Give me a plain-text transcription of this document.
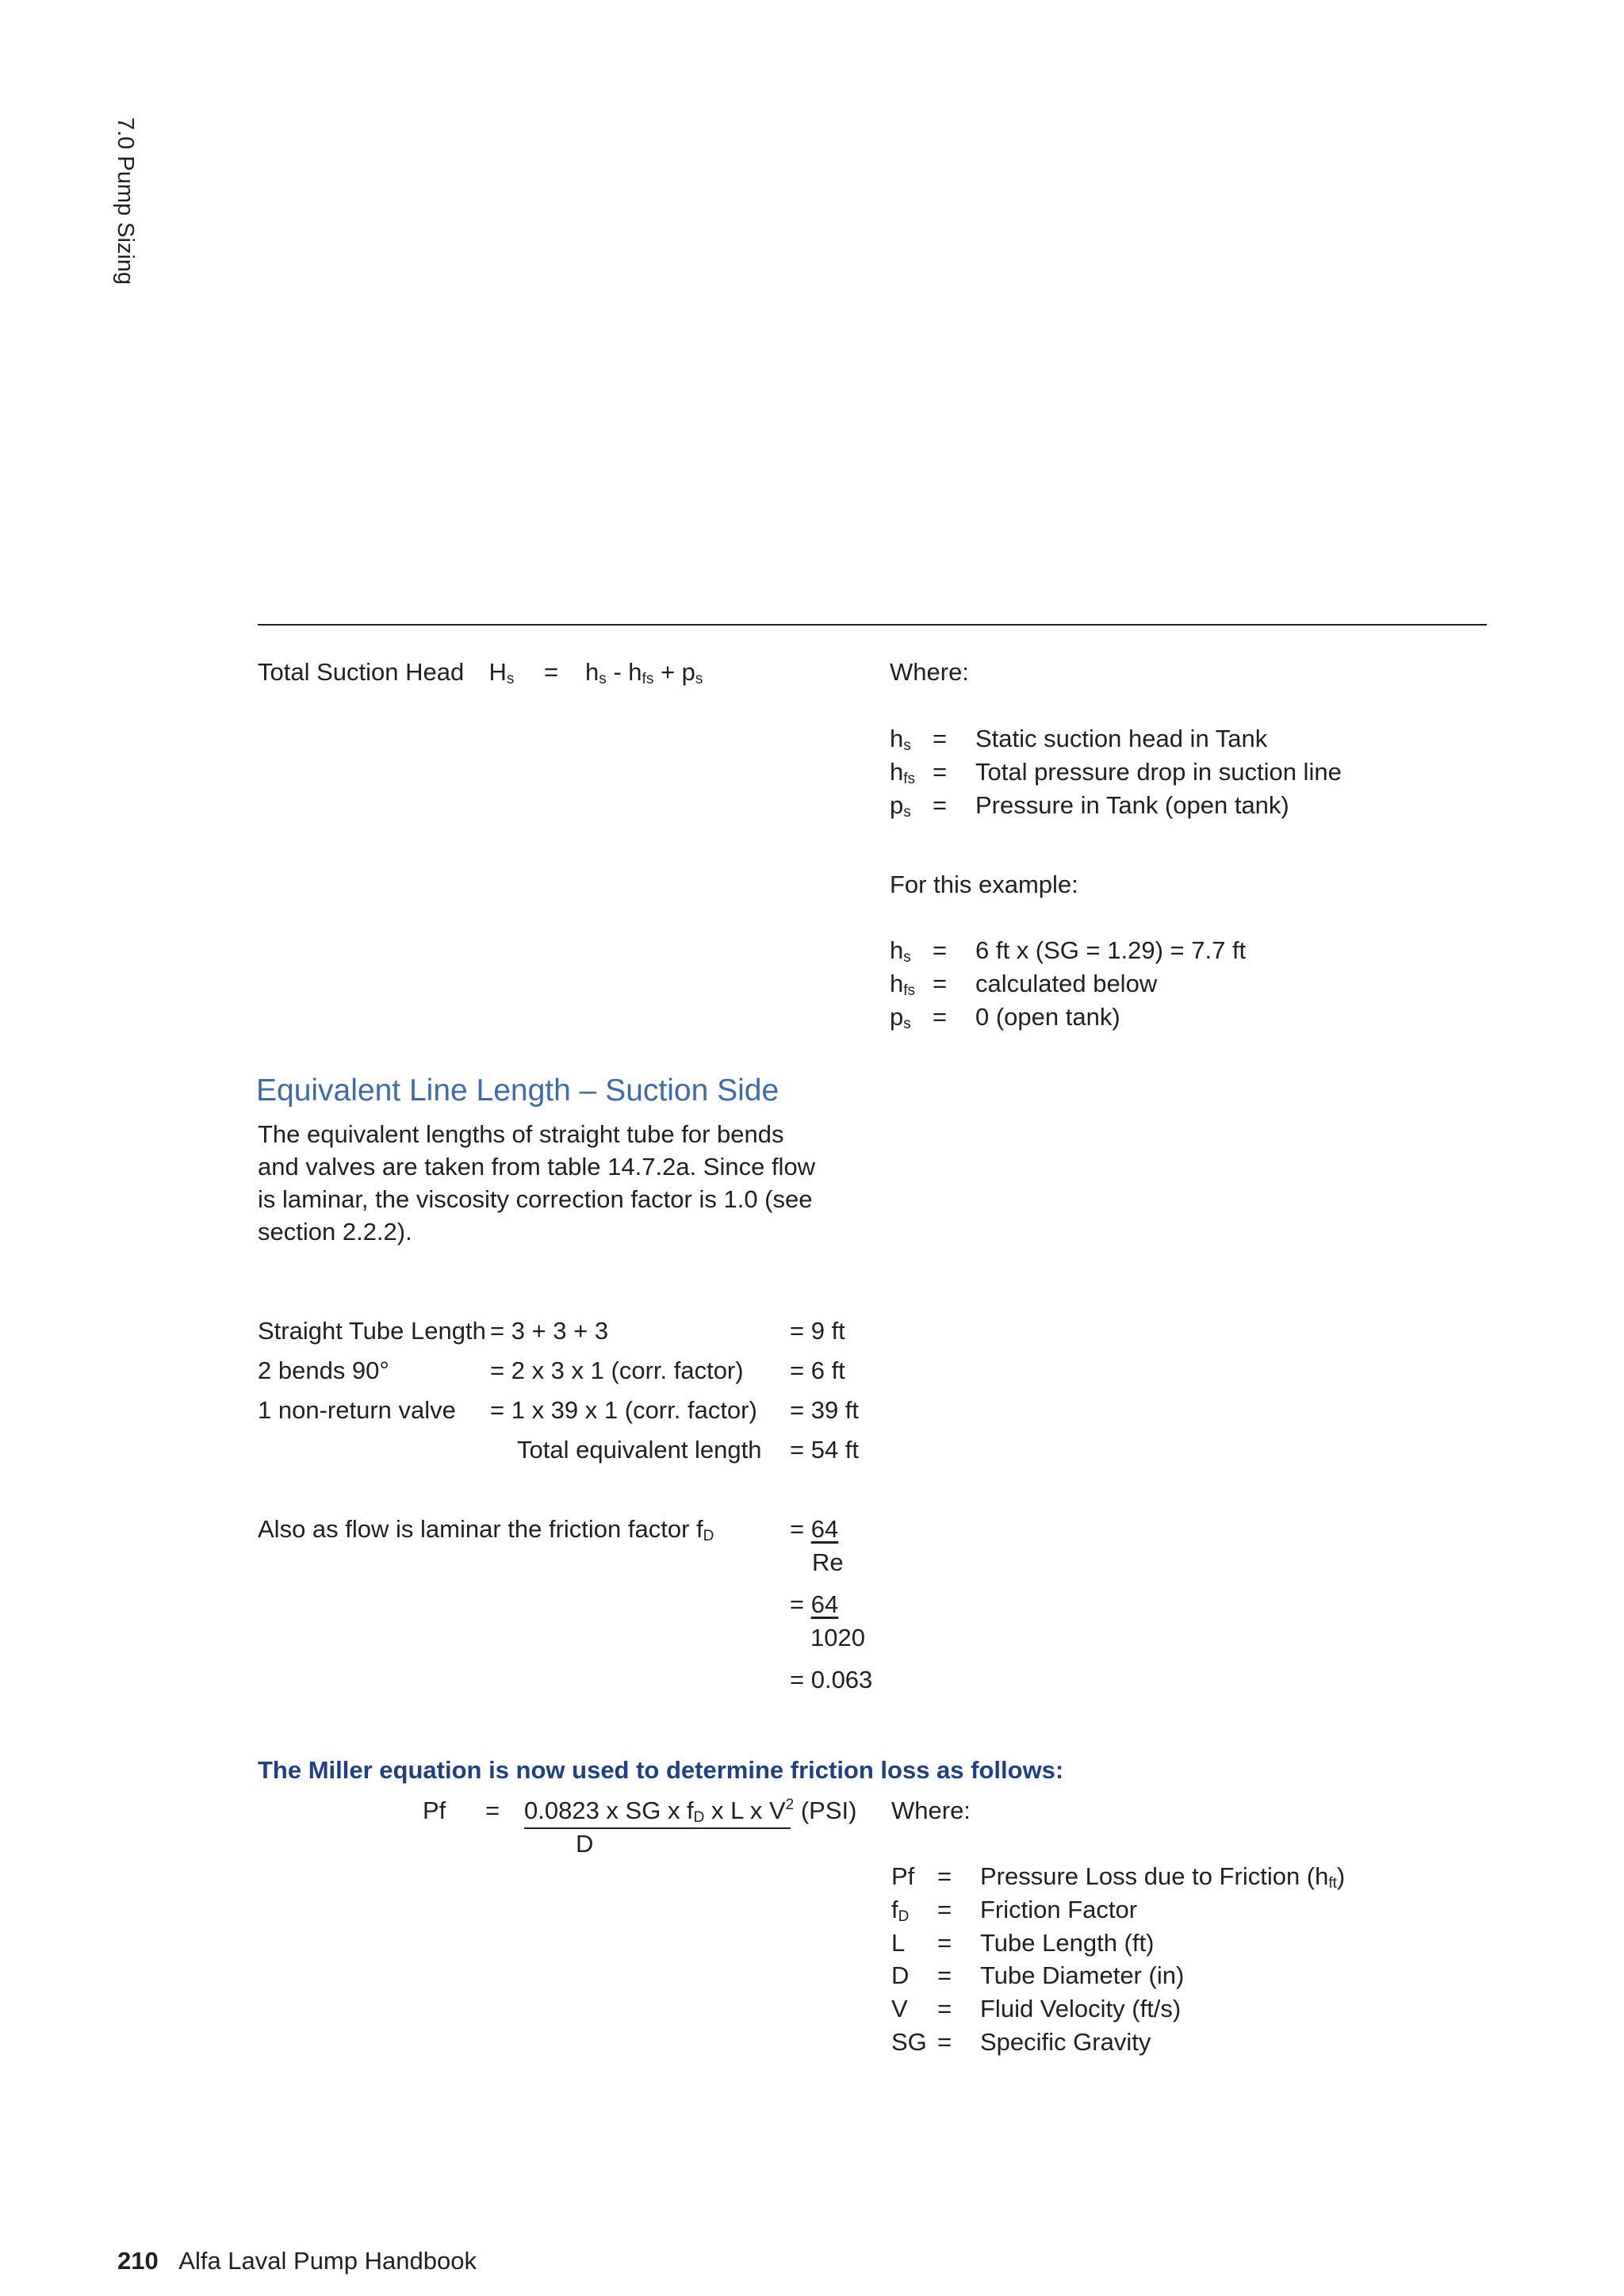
7.0 Pump Sizing
Total Suction Head $H_s = h_s - h_{fs} + p_s$	Where:
$h_s$ = Static suction head in Tank
$h_{fs}$ = Total pressure drop in suction line
$p_s$ = Pressure in Tank (open tank)
For this example:
$h_s = 6$ ft x (SG = 1.29) = 7.7 ft
$h_{fs}$ = calculated below
$p_s = 0$ (open tank)
Equivalent Line Length – Suction Side
The equivalent lengths of straight tube for bends and valves are taken from table 14.7.2a. Since flow is laminar, the viscosity correction factor is 1.0 (see section 2.2.2).
Straight Tube Length = 3 + 3 + 3	= 9 ft
2 bends 90°	= 2 x 3 x 1 (corr. factor) = 6 ft
1 non-return valve = 1 x 39 x 1 (corr. factor) = 39 ft
Total equivalent length = 54 ft
Also as flow is laminar the friction factor $f_D$	= 64
Re
= 64
1020
= 0.063
The Miller equation is now used to determine friction loss as follows:
Pf = 0.0823 x SG x $f_D$ x L x $V^2$ (PSI)
D
Where:
Pf = Pressure Loss due to Friction $(h_{ft})$
$f_D$ = Friction Factor
L = Tube Length (ft)
D = Tube Diameter (in)
V = Fluid Velocity (ft/s)
SG = Specific Gravity
210 Alfa Laval Pump Handbook
